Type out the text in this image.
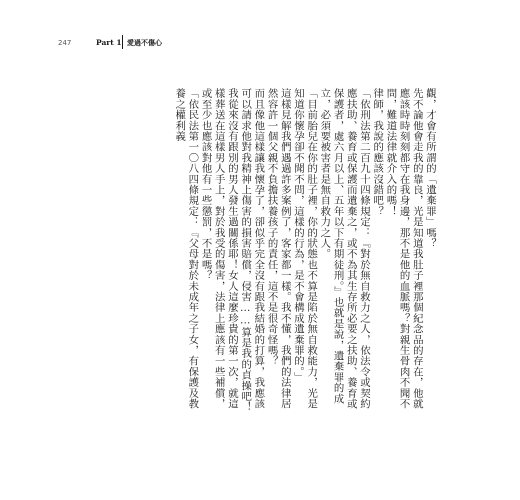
247	Part 1 愛過不傷心

觀，才會有所謂的「遺棄罪」嗎？

先不論他會走我的靠良，光是知道我肚子裡那個紀念品的存在，他就應該時時刻刻都守在我身邊，那不是他的血脈嗎？對親生骨肉不聞不問，難道法律就介入的嗎！

律師，我說的應該沒錯吧？

「依刑法第二百九十四條規定：『對於無自救力之人，依法令或契約應扶助、養育或保護而遺棄之，或不為其生存所必要之扶助、養育或保護者，處六月以上、五年以下有期徒刑。』也就是說，遺棄罪的成立，必須要被害者是無自救力之人。

「目前胎兒在你的肚子裡，你的狀態也不算是陷於無自救能力，光是知道你懷孕卻不聞不問，這樣的行為，是不會構成遺棄罪的。」

這樣見解我們遇過許多案例了，客家都一樣。我不懂，我們的法律居然容許一個父親不負擔扶養孩子的責任，這不是很奇怪嗎？

而且像他這樣讓我懷孕了，卻似乎完全沒有跟我結婚的打算，我應該可以請求他對我精神上傷害的損害賠償，侵害……算是我的貞操吧！我從來沒有跟別的男人發生過關係耶！女人這麼珍貴的第一次，就這樣葬送在這樣男人手上，對於我受的傷害，法律上應該有一些補償，或至少也應該對他有一些懲罰，不是嗎？

「依民法第一〇八四條規定：『父母對於未成年之子女，有保護及教養之權利義
